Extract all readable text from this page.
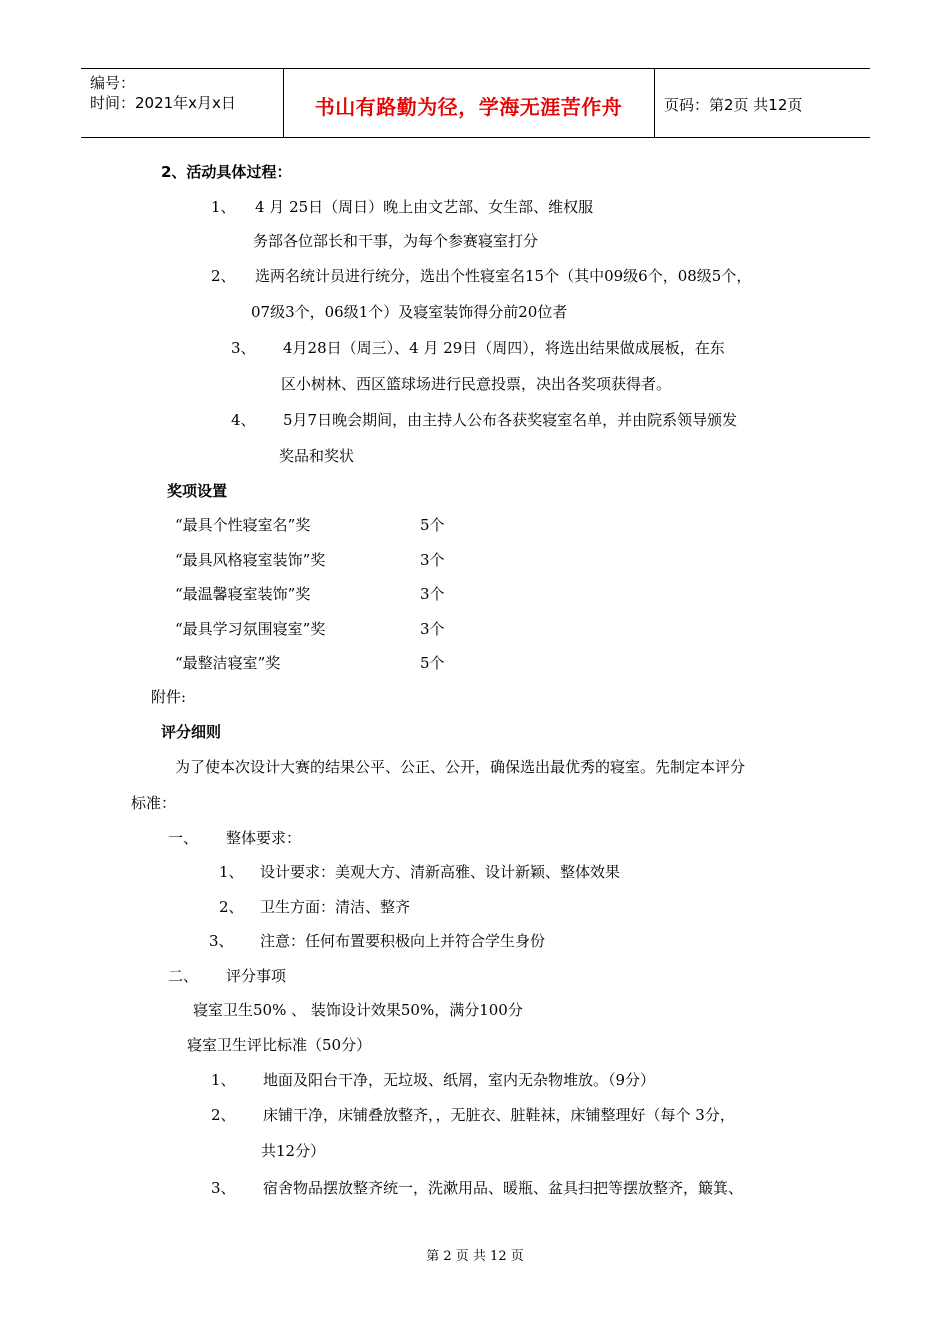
编号：
时间：2021年x月x日	书山有路勤为径，学海无涯苦作舟	页码：第2页 共12页
2、活动具体过程：
1、 4 月 25日（周日）晚上由文艺部、女生部、维权服
务部各位部长和干事，为每个参赛寝室打分
2、 选两名统计员进行统分，选出个性寝室名15个（其中09级6个，08级5个，
07级3个，06级1个）及寝室装饰得分前20位者
3、 4月28日（周三）、4 月 29日（周四），将选出结果做成展板，在东
区小树林、西区篮球场进行民意投票，决出各奖项获得者。
4、 5月7日晚会期间，由主持人公布各获奖寝室名单，并由院系领导颁发
奖品和奖状
奖项设置
“最具个性寝室名”奖	5个
“最具风格寝室装饰”奖	3个
“最温馨寝室装饰”奖	3个
“最具学习氛围寝室”奖	3个
“最整洁寝室”奖	5个
附件:
评分细则
为了使本次设计大赛的结果公平、公正、公开，确保选出最优秀的寝室。先制定本评分
标准：
一、 整体要求：
1、 设计要求：美观大方、清新高雅、设计新颖、整体效果
2、 卫生方面：清洁、整齐
3、 注意：任何布置要积极向上并符合学生身份
二、 评分事项
寝室卫生50% 、 装饰设计效果50%，满分100分
寝室卫生评比标准（50分）
1、 地面及阳台干净，无垃圾、纸屑，室内无杂物堆放。（9分）
2、 床铺干净，床铺叠放整齐，，无脏衣、脏鞋袜，床铺整理好（每个 3分，
共12分）
3、 宿舍物品摆放整齐统一，洗漱用品、暖瓶、盆具扫把等摆放整齐，簸箕、
第 2 页 共 12 页
